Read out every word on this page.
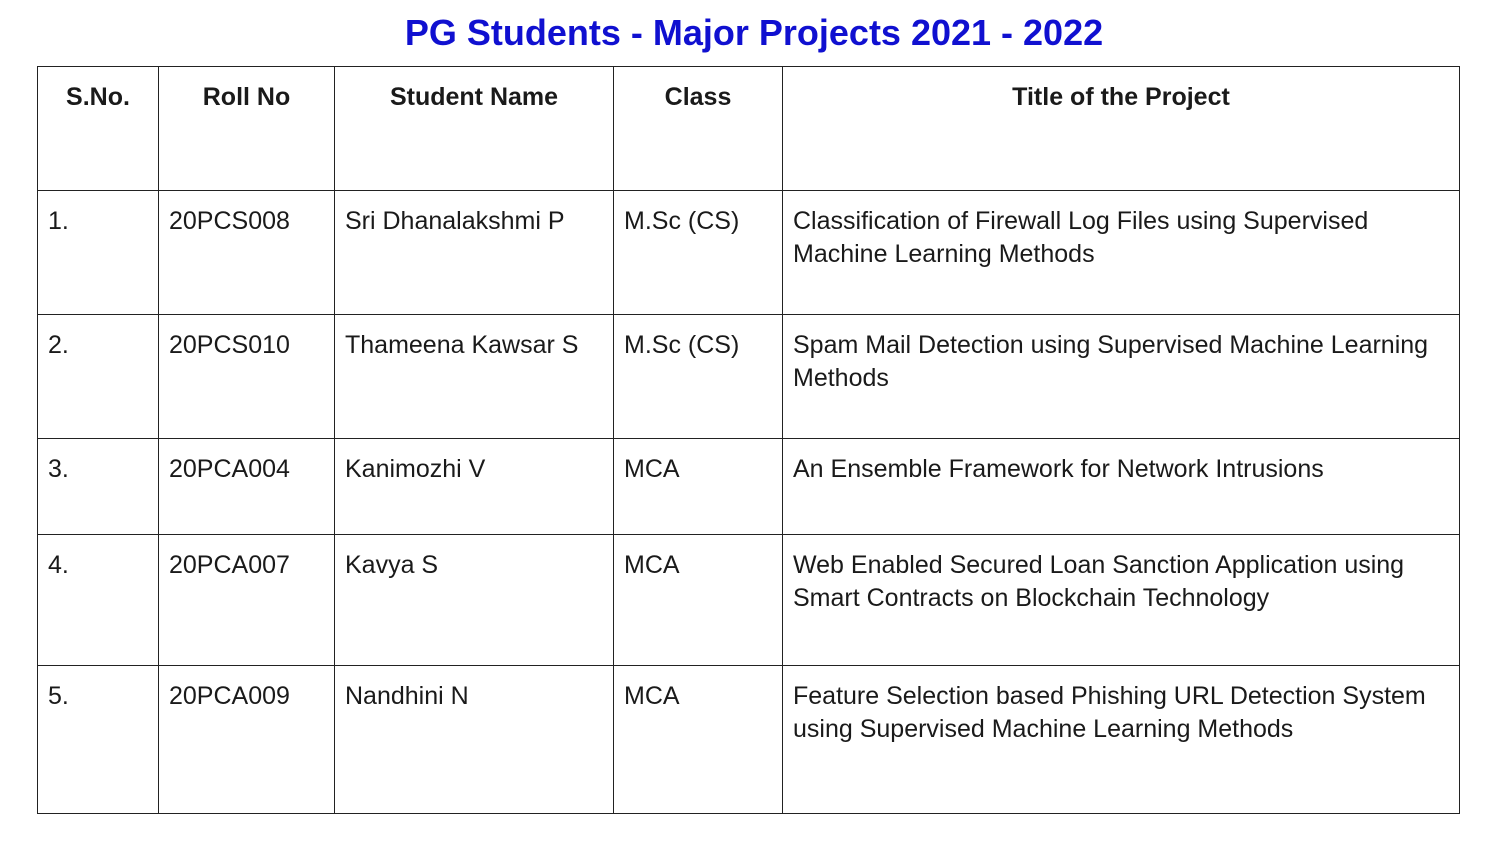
PG Students - Major Projects 2021 - 2022
S.No.	Roll No	Student Name	Class	Title of the Project
1.	20PCS008	Sri Dhanalakshmi P	M.Sc (CS)	Classification of Firewall Log Files using Supervised Machine Learning Methods
2.	20PCS010	Thameena Kawsar S	M.Sc (CS)	Spam Mail Detection using Supervised Machine Learning Methods
3.	20PCA004	Kanimozhi V	MCA	An Ensemble Framework for Network Intrusions
4.	20PCA007	Kavya S	MCA	Web Enabled Secured Loan Sanction Application using Smart Contracts on Blockchain Technology
5.	20PCA009	Nandhini N	MCA	Feature Selection based Phishing URL Detection System using Supervised Machine Learning Methods
